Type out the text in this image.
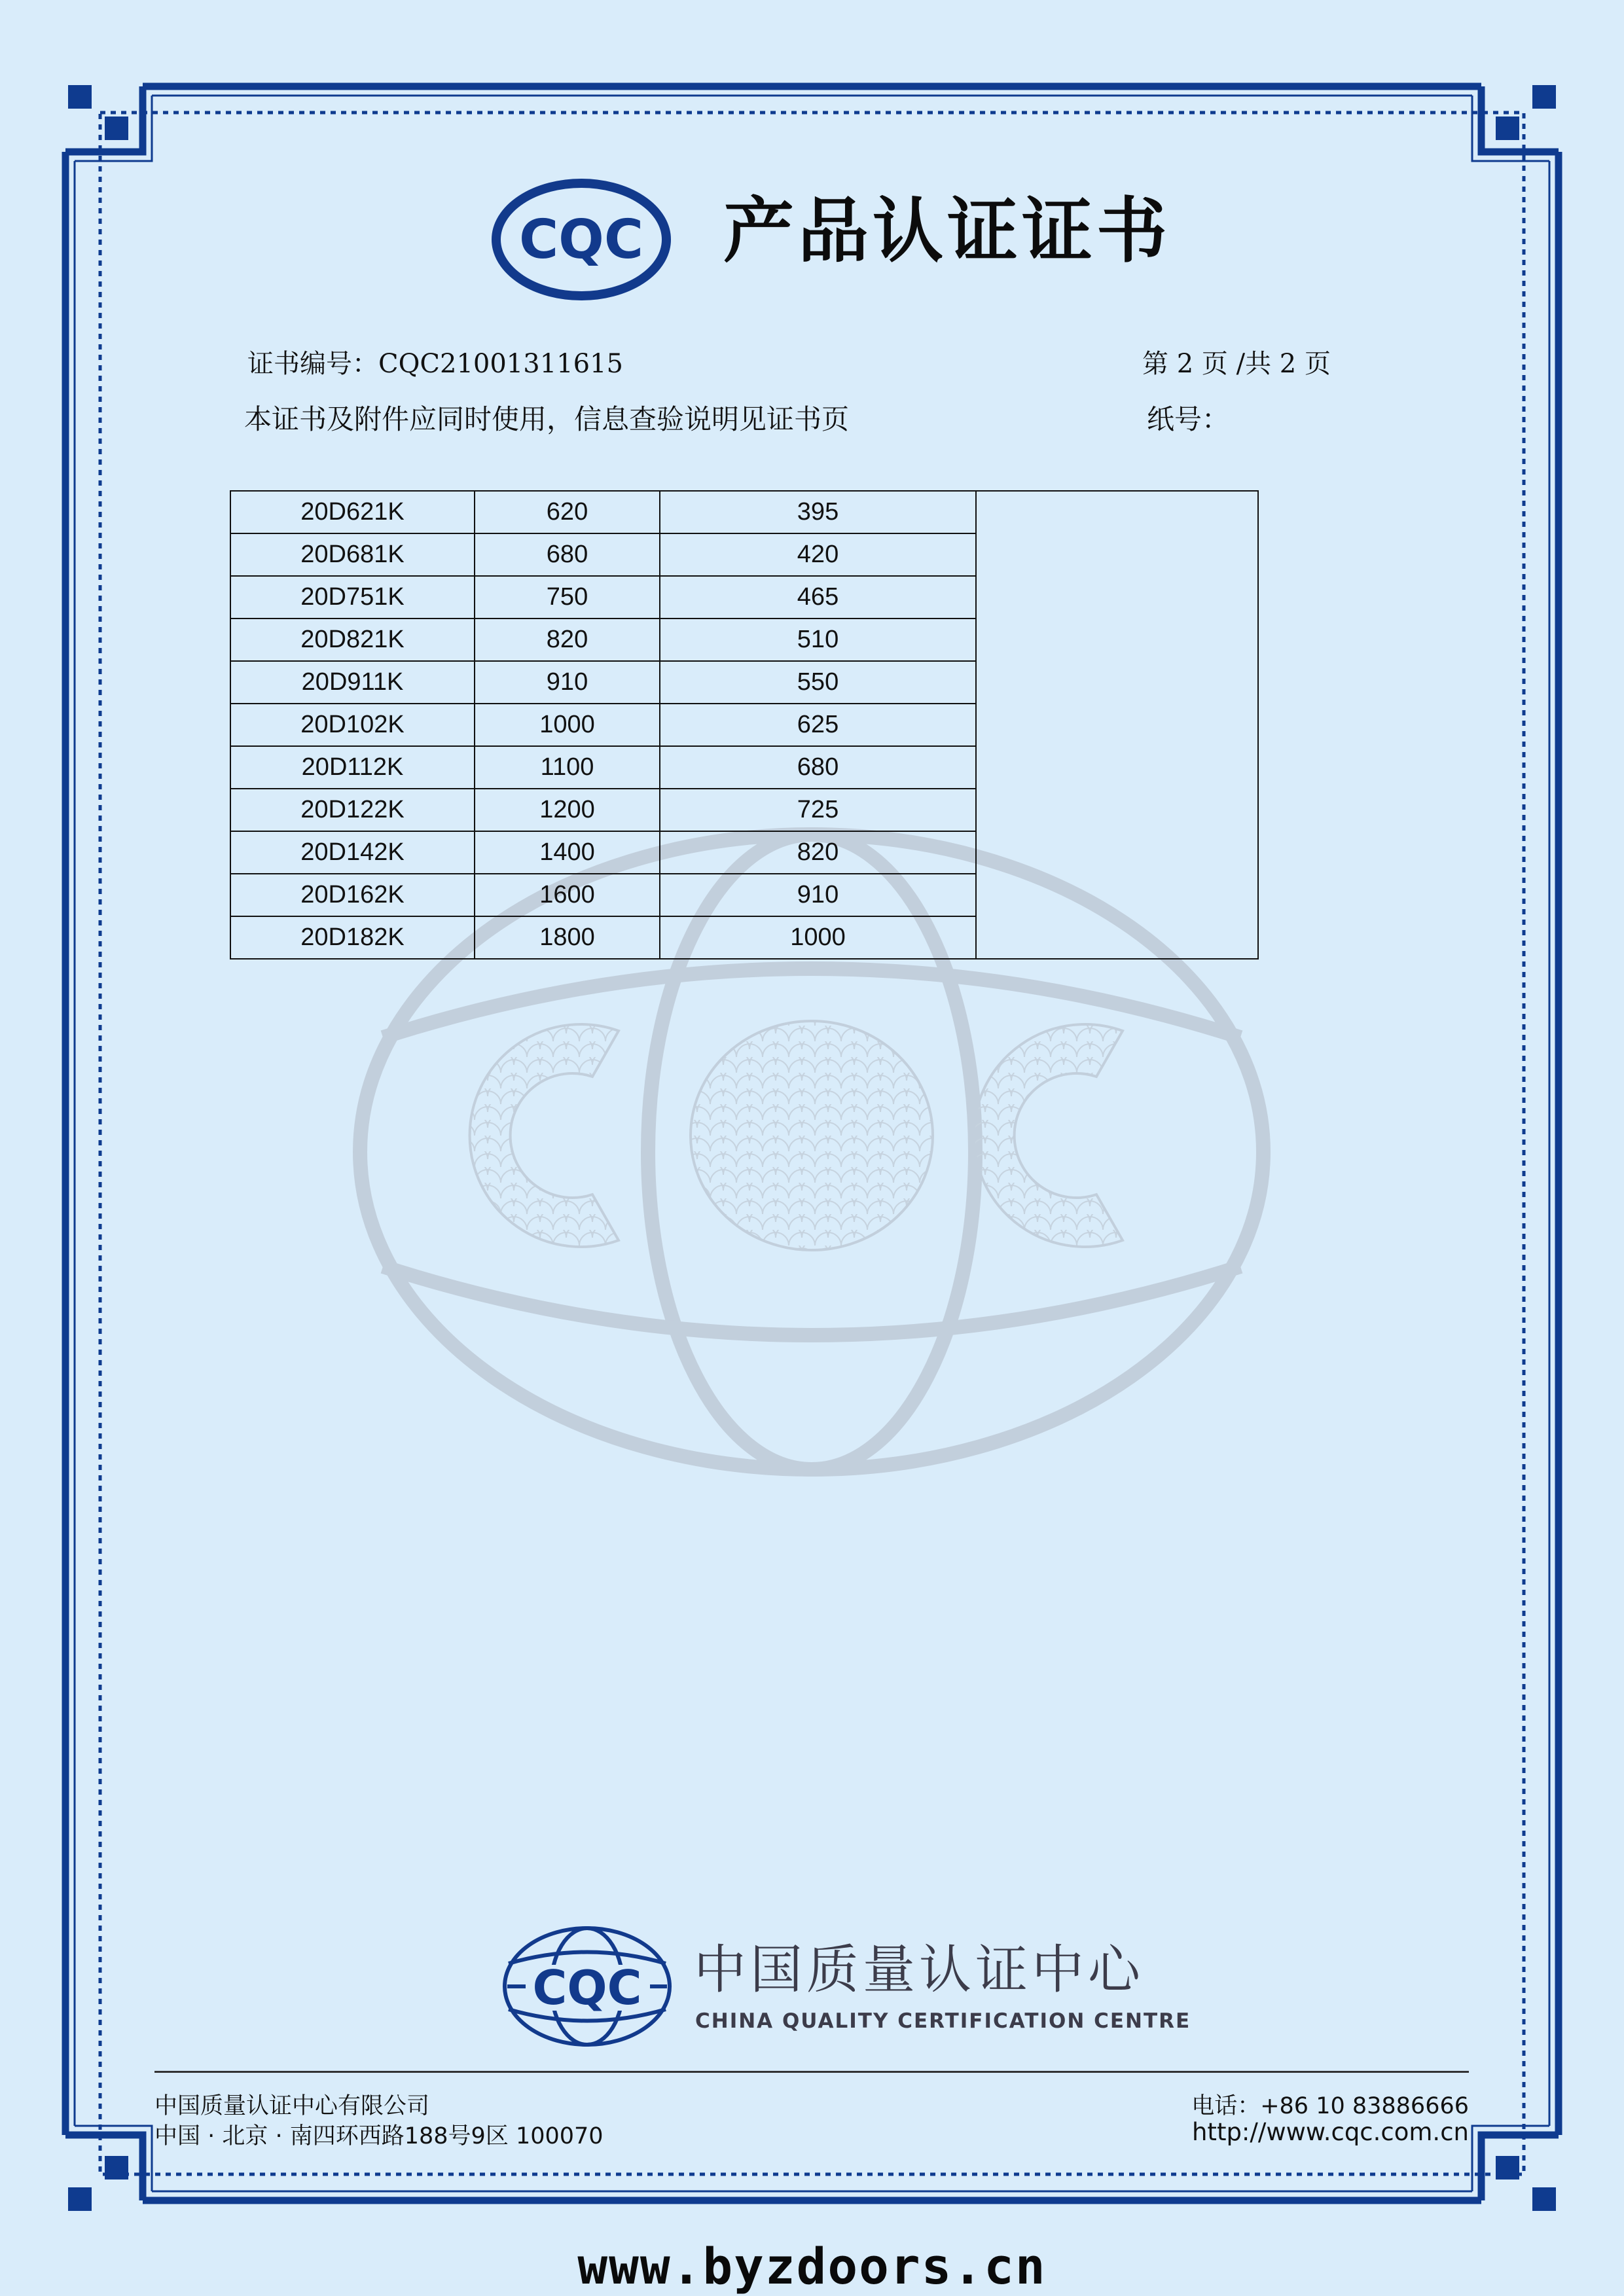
CQC 产品认证证书
证书编号：CQC21001311615	第 2 页 /共 2 页
本证书及附件应同时使用，信息查验说明见证书页	纸号：
20D621K	620	395	
20D681K	680	420	
20D751K	750	465	
20D821K	820	510	
20D911K	910	550	
20D102K	1000	625	
20D112K	1100	680	
20D122K	1200	725	
20D142K	1400	820	
20D162K	1600	910	
20D182K	1800	1000	
CQC 中国质量认证中心
CHINA QUALITY CERTIFICATION CENTRE
中国质量认证中心有限公司
中国 · 北京 · 南四环西路188号9区 100070
电话：+86 10 83886666
http://www.cqc.com.cn
www.byzdoors.cn
